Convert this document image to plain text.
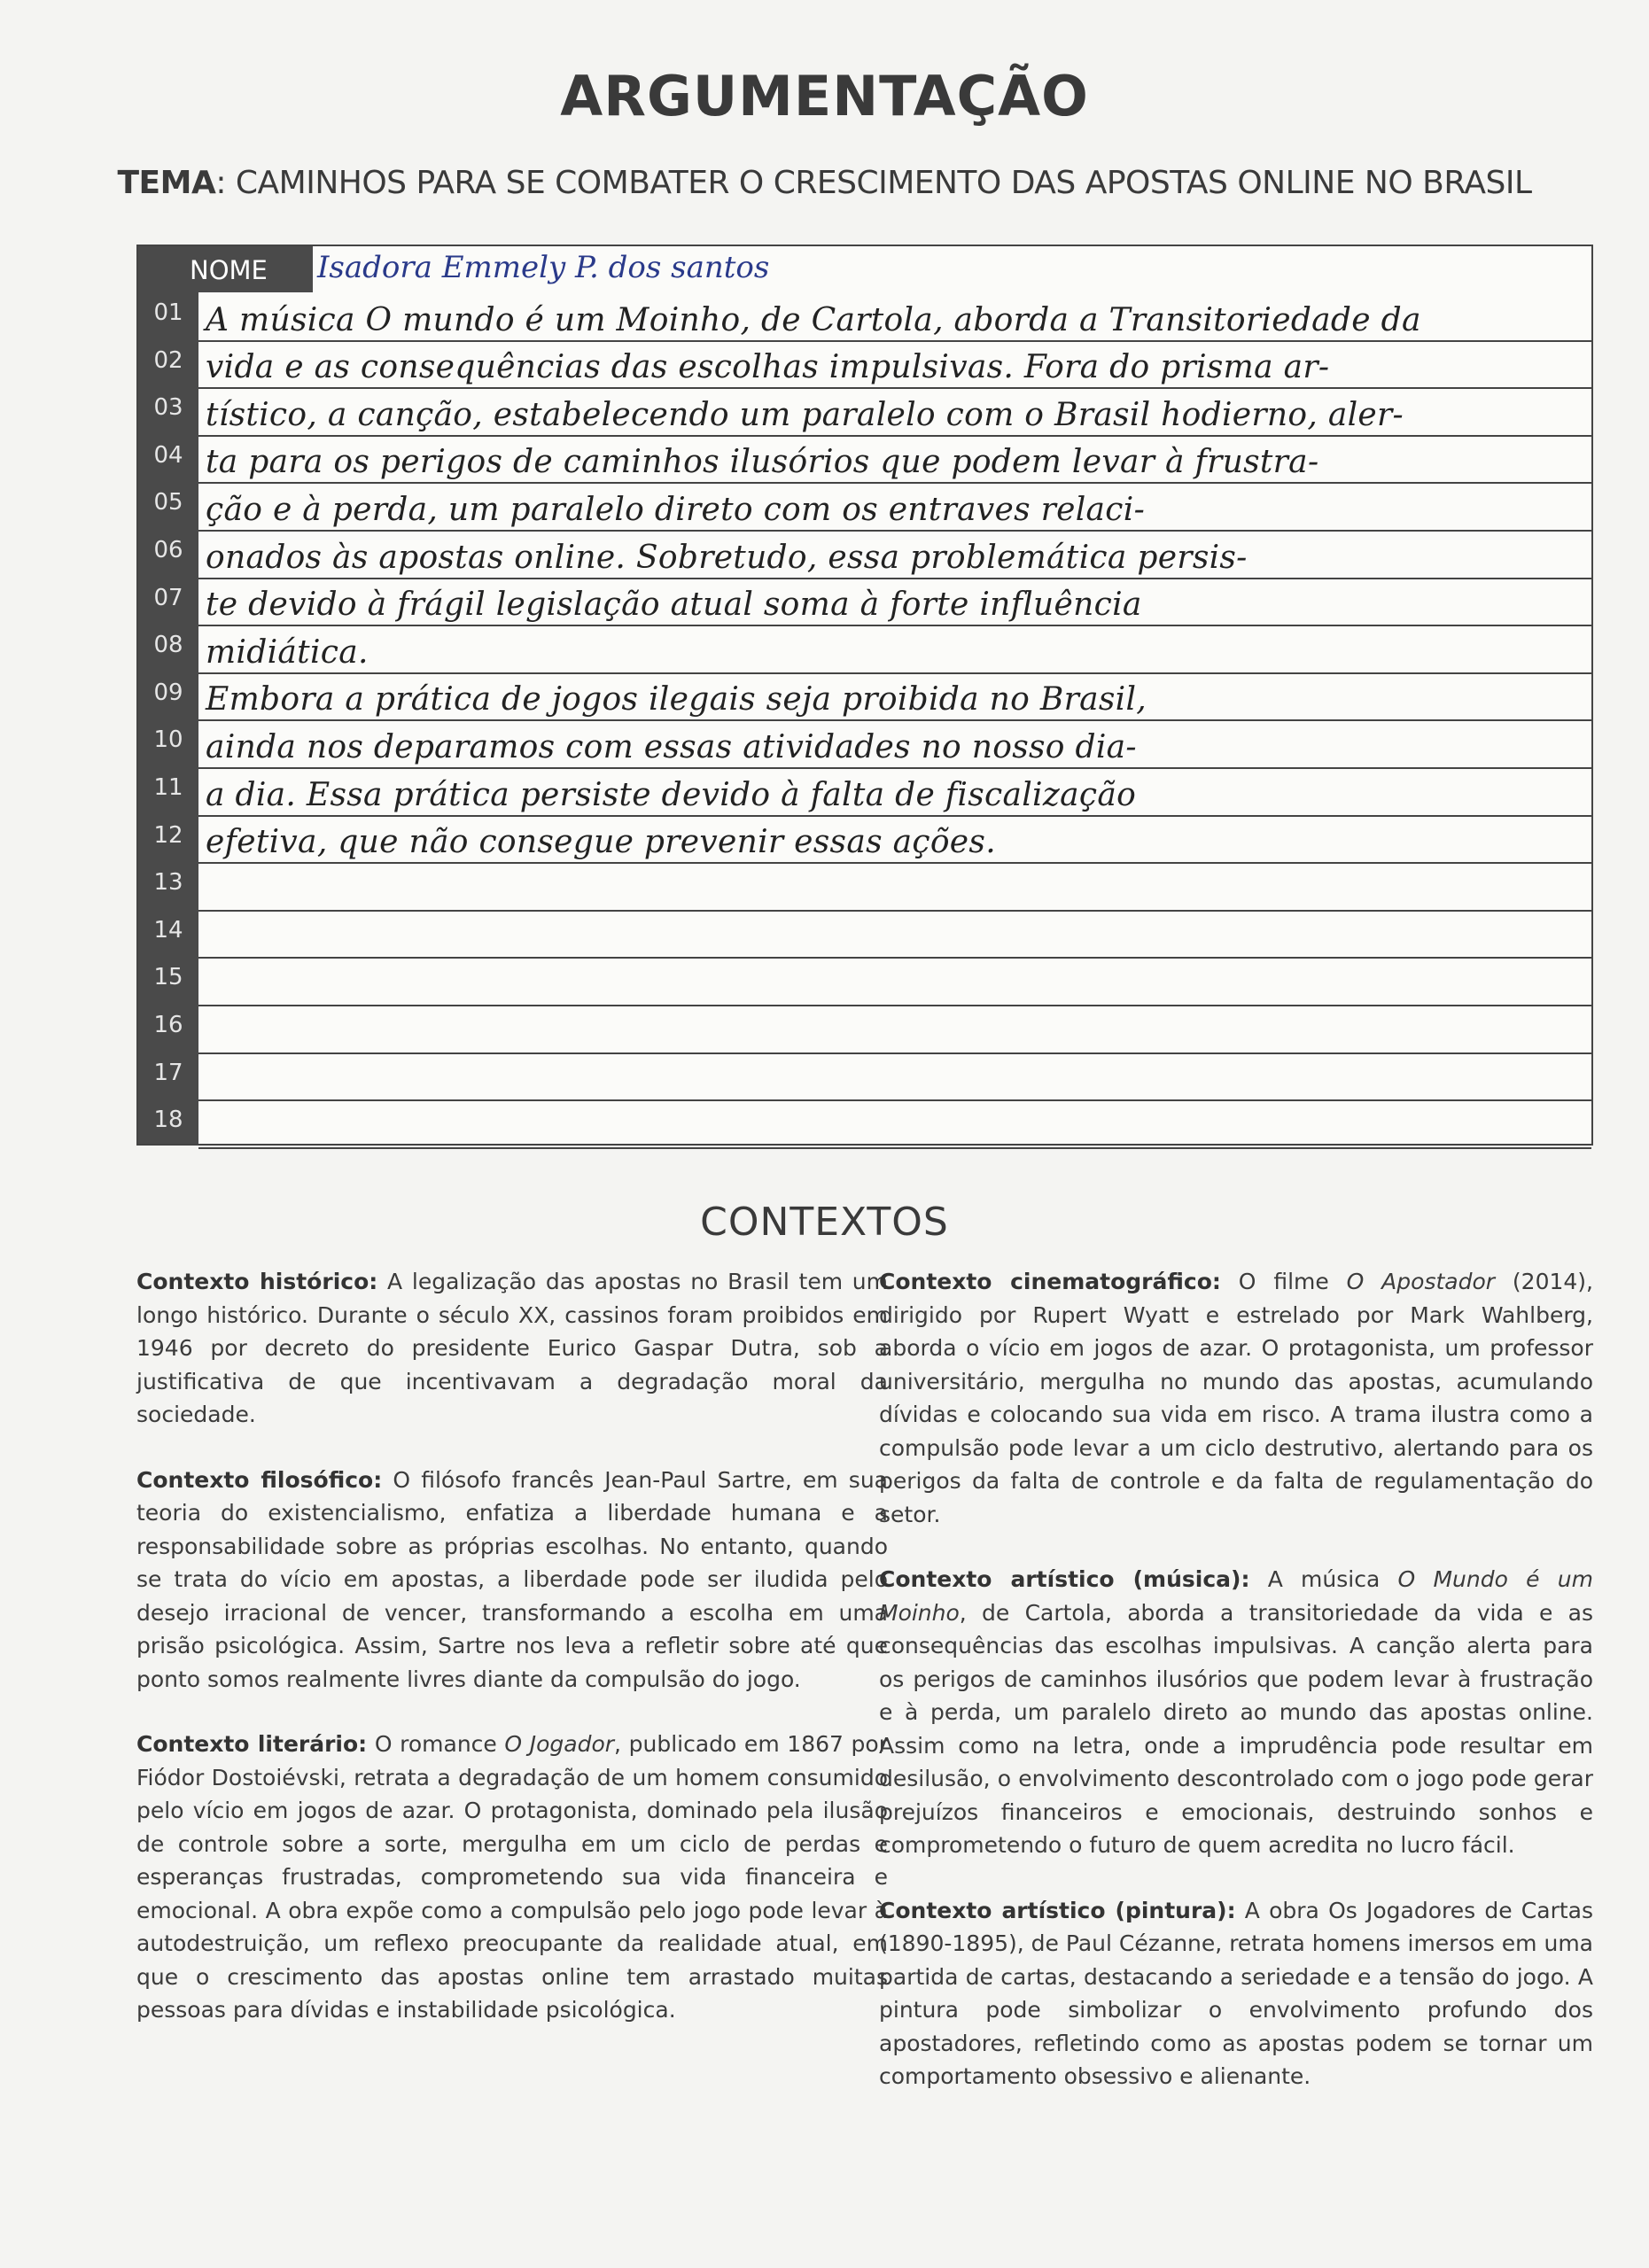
ARGUMENTAÇÃO
TEMA: CAMINHOS PARA SE COMBATER O CRESCIMENTO DAS APOSTAS ONLINE NO BRASIL
NOME Isadora Emmely P. dos santos
01 A música O mundo é um Moinho, de Cartola, aborda a Transitoriedade da
02 vida e as consequências das escolhas impulsivas. Fora do prisma ar-
03 tístico, a canção, estabelecendo um paralelo com o Brasil hodierno, aler-
04 ta para os perigos de caminhos ilusórios que podem levar à frustra-
05 ção e à perda, um paralelo direto com os entraves relaci-
06 onados às apostas online. Sobretudo, essa problemática persis-
07 te devido à frágil legislação atual soma à forte influência
08 midiática.
09 Embora a prática de jogos ilegais seja proibida no Brasil,
10 ainda nos deparamos com essas atividades no nosso dia-
11 a dia. Essa prática persiste devido à falta de fiscalização
12 efetiva, que não consegue prevenir essas ações.
13
14
15
16
17
18
CONTEXTOS

Contexto histórico: A legalização das apostas no Brasil tem um longo histórico. Durante o século XX, cassinos foram proibidos em 1946 por decreto do presidente Eurico Gaspar Dutra, sob a justificativa de que incentivavam a degradação moral da sociedade.

Contexto filosófico: O filósofo francês Jean-Paul Sartre, em sua teoria do existencialismo, enfatiza a liberdade humana e a responsabilidade sobre as próprias escolhas. No entanto, quando se trata do vício em apostas, a liberdade pode ser iludida pelo desejo irracional de vencer, transformando a escolha em uma prisão psicológica. Assim, Sartre nos leva a refletir sobre até que ponto somos realmente livres diante da compulsão do jogo.

Contexto literário: O romance O Jogador, publicado em 1867 por Fiódor Dostoiévski, retrata a degradação de um homem consumido pelo vício em jogos de azar. O protagonista, dominado pela ilusão de controle sobre a sorte, mergulha em um ciclo de perdas e esperanças frustradas, comprometendo sua vida financeira e emocional. A obra expõe como a compulsão pelo jogo pode levar à autodestruição, um reflexo preocupante da realidade atual, em que o crescimento das apostas online tem arrastado muitas pessoas para dívidas e instabilidade psicológica.

Contexto cinematográfico: O filme O Apostador (2014), dirigido por Rupert Wyatt e estrelado por Mark Wahlberg, aborda o vício em jogos de azar. O protagonista, um professor universitário, mergulha no mundo das apostas, acumulando dívidas e colocando sua vida em risco. A trama ilustra como a compulsão pode levar a um ciclo destrutivo, alertando para os perigos da falta de controle e da falta de regulamentação do setor.

Contexto artístico (música): A música O Mundo é um Moinho, de Cartola, aborda a transitoriedade da vida e as consequências das escolhas impulsivas. A canção alerta para os perigos de caminhos ilusórios que podem levar à frustração e à perda, um paralelo direto ao mundo das apostas online. Assim como na letra, onde a imprudência pode resultar em desilusão, o envolvimento descontrolado com o jogo pode gerar prejuízos financeiros e emocionais, destruindo sonhos e comprometendo o futuro de quem acredita no lucro fácil.

Contexto artístico (pintura): A obra Os Jogadores de Cartas (1890-1895), de Paul Cézanne, retrata homens imersos em uma partida de cartas, destacando a seriedade e a tensão do jogo. A pintura pode simbolizar o envolvimento profundo dos apostadores, refletindo como as apostas podem se tornar um comportamento obsessivo e alienante.
